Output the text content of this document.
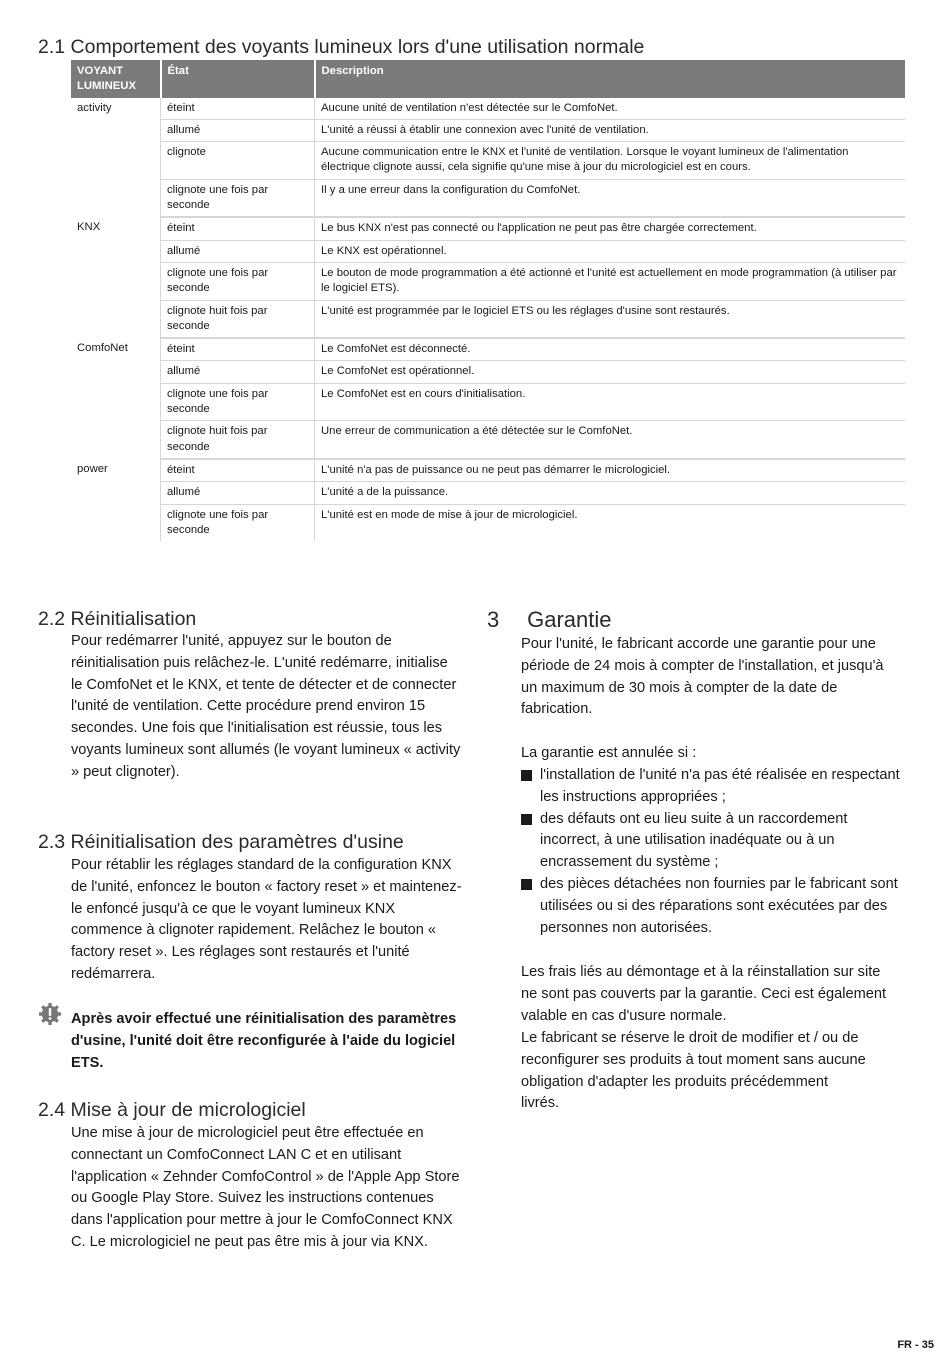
2.1 Comportement des voyants lumineux lors d'une utilisation normale
VOYANT LUMINEUX	État	Description
activity	éteint	Aucune unité de ventilation n'est détectée sur le ComfoNet.
	allumé	L'unité a réussi à établir une connexion avec l'unité de ventilation.
	clignote	Aucune communication entre le KNX et l'unité de ventilation. Lorsque le voyant lumineux de l'alimentation électrique clignote aussi, cela signifie qu'une mise à jour du micrologiciel est en cours.
	clignote une fois par seconde	Il y a une erreur dans la configuration du ComfoNet.
KNX	éteint	Le bus KNX n'est pas connecté ou l'application ne peut pas être chargée correctement.
	allumé	Le KNX est opérationnel.
	clignote une fois par seconde	Le bouton de mode programmation a été actionné et l'unité est actuellement en mode programmation (à utiliser par le logiciel ETS).
	clignote huit fois par seconde	L'unité est programmée par le logiciel ETS ou les réglages d'usine sont restaurés.
ComfoNet	éteint	Le ComfoNet est déconnecté.
	allumé	Le ComfoNet est opérationnel.
	clignote une fois par seconde	Le ComfoNet est en cours d'initialisation.
	clignote huit fois par seconde	Une erreur de communication a été détectée sur le ComfoNet.
power	éteint	L'unité n'a pas de puissance ou ne peut pas démarrer le micrologiciel.
	allumé	L'unité a de la puissance.
	clignote une fois par seconde	L'unité est en mode de mise à jour de micrologiciel.
2.2 Réinitialisation

Pour redémarrer l'unité, appuyez sur le bouton de réinitialisation puis relâchez-le. L'unité redémarre, initialise le ComfoNet et le KNX, et tente de détecter et de connecter l'unité de ventilation. Cette procédure prend environ 15 secondes. Une fois que l'initialisation est réussie, tous les voyants lumineux sont allumés (le voyant lumineux « activity » peut clignoter).

2.3 Réinitialisation des paramètres d'usine

Pour rétablir les réglages standard de la configuration KNX de l'unité, enfoncez le bouton « factory reset » et maintenez-le enfoncé jusqu'à ce que le voyant lumineux KNX commence à clignoter rapidement. Relâchez le bouton « factory reset ». Les réglages sont restaurés et l'unité redémarrera.

Après avoir effectué une réinitialisation des paramètres d'usine, l'unité doit être reconfigurée à l'aide du logiciel ETS.

2.4 Mise à jour de micrologiciel

Une mise à jour de micrologiciel peut être effectuée en connectant un ComfoConnect LAN C et en utilisant l'application « Zehnder ComfoControl » de l'Apple App Store ou Google Play Store. Suivez les instructions contenues dans l'application pour mettre à jour le ComfoConnect KNX C. Le micrologiciel ne peut pas être mis à jour via KNX.

3 Garantie

Pour l'unité, le fabricant accorde une garantie pour une période de 24 mois à compter de l'installation, et jusqu'à un maximum de 30 mois à compter de la date de fabrication.

La garantie est annulée si :

l'installation de l'unité n'a pas été réalisée en respectant les instructions appropriées ;
des défauts ont eu lieu suite à un raccordement incorrect, à une utilisation inadéquate ou à un encrassement du système ;
des pièces détachées non fournies par le fabricant sont utilisées ou si des réparations sont exécutées par des personnes non autorisées.

Les frais liés au démontage et à la réinstallation sur site ne sont pas couverts par la garantie. Ceci est également valable en cas d'usure normale.

Le fabricant se réserve le droit de modifier et / ou de reconfigurer ses produits à tout moment sans aucune obligation d'adapter les produits précédemment livrés.

FR - 35
